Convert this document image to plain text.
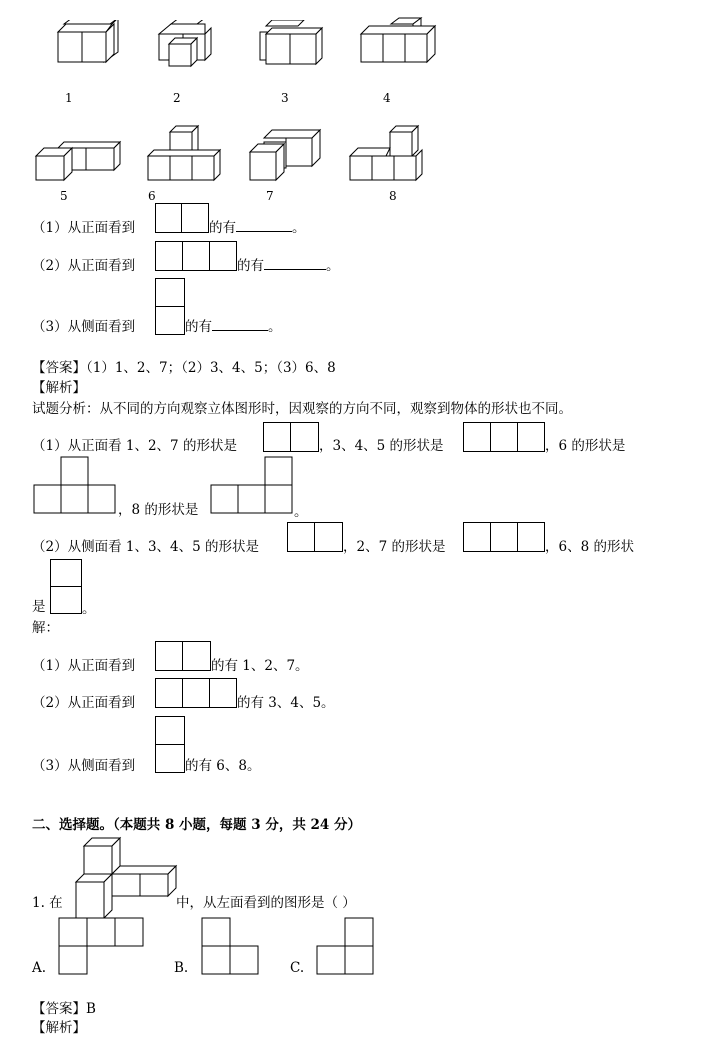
1	2	3	4
5	6	7	8
（1）从正面看到	的有	。
（2）从正面看到	的有	。
（3）从侧面看到	的有	。
【答案】（1）1、2、7；（2）3、4、5；（3）6、8
【解析】
试题分析：从不同的方向观察立体图形时，因观察的方向不同，观察到物体的形状也不同。
（1）从正面看 1、2、7 的形状是	，3、4、5 的形状是	，6 的形状是
，8 的形状是	。
（2）从侧面看 1、3、4、5 的形状是	，2、7 的形状是	，6、8 的形状
是	。
解：
（1）从正面看到	的有 1、2、7。
（2）从正面看到	的有 3、4、5。
（3）从侧面看到	的有 6、8。
二、选择题。（本题共 8 小题，每题 3 分，共 24 分）
1. 在	中，从左面看到的图形是（ ）
A.	B.	C.
【答案】B
【解析】
